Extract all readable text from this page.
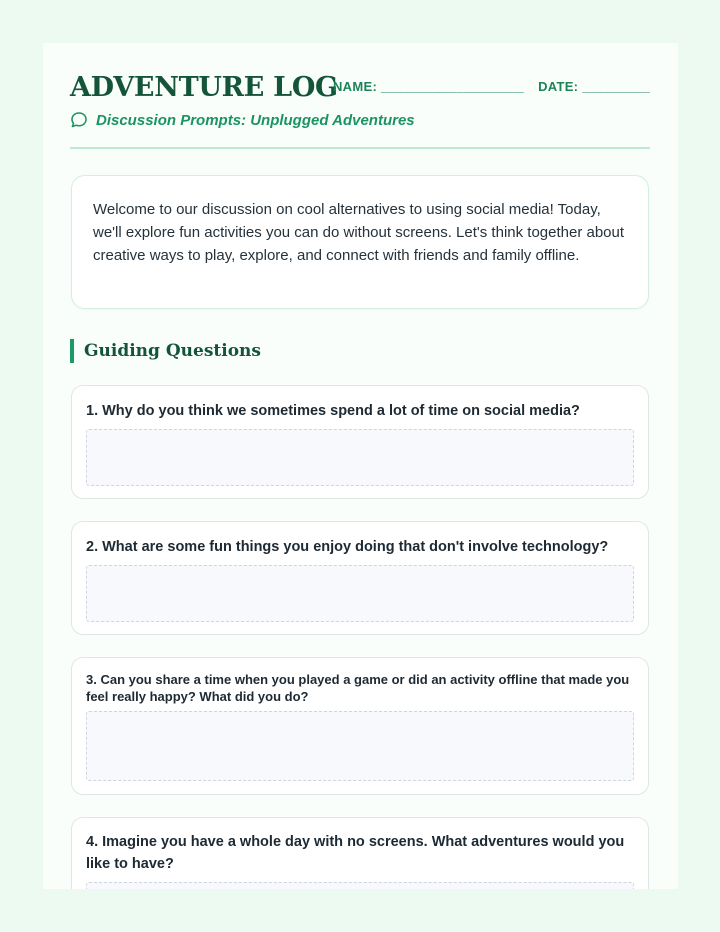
ADVENTURE LOG
NAME: ___________________ DATE: _________
Discussion Prompts: Unplugged Adventures

Welcome to our discussion on cool alternatives to using social media! Today, we'll explore fun activities you can do without screens. Let's think together about creative ways to play, explore, and connect with friends and family offline.

Guiding Questions

1. Why do you think we sometimes spend a lot of time on social media?

2. What are some fun things you enjoy doing that don't involve technology?

3. Can you share a time when you played a game or did an activity offline that made you feel really happy? What did you do?

4. Imagine you have a whole day with no screens. What adventures would you like to have?
